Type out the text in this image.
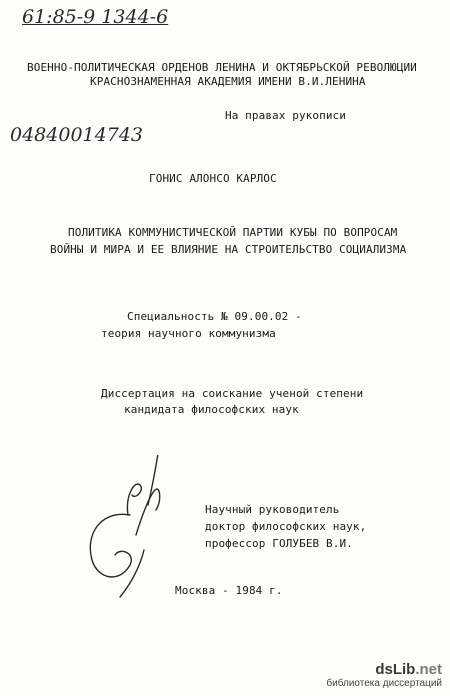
61:85-9 1344-6
ВОЕННО-ПОЛИТИЧЕСКАЯ ОРДЕНОВ ЛЕНИНА И ОКТЯБРЬСКОЙ РЕВОЛЮЦИИ
КРАСНОЗНАМЕННАЯ АКАДЕМИЯ ИМЕНИ В.И.ЛЕНИНА
04840014743
На правах рукописи
ГОНИС АЛОНСО КАРЛОС
ПОЛИТИКА КОММУНИСТИЧЕСКОЙ ПАРТИИ КУБЫ ПО ВОПРОСАМ
ВОЙНЫ И МИРА И ЕЕ ВЛИЯНИЕ НА СТРОИТЕЛЬСТВО СОЦИАЛИЗМА
Специальность № 09.00.02 -
теория научного коммунизма
Диссертация на соискание ученой степени
кандидата философских наук
Научный руководитель
доктор философских наук,
профессор ГОЛУБЕВ В.И.
Москва - 1984 г.
dsLib.net
библиотека диссертаций
